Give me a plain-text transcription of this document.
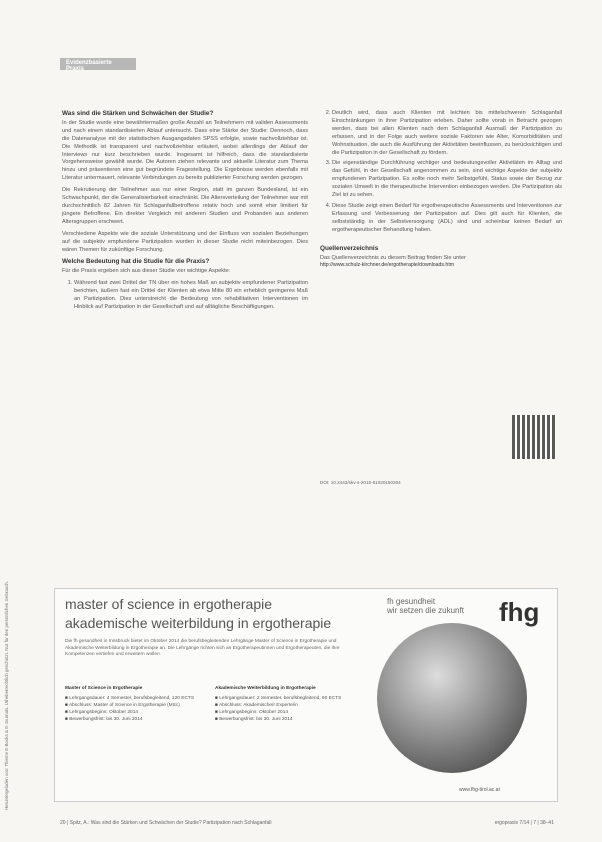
Heruntergeladen von: Thieme E-Books & E-Journals. Urheberrechtlich geschützt. Nur für den persönlichen Gebrauch.
Evidenzbasierte Praxis
Was sind die Stärken und Schwächen der Studie?

In der Studie wurde eine bewährtermaßen große Anzahl an Teilnehmern mit validen Assessments und nach einem standardisierten Ablauf untersucht. Dass eine Stärke der Studie: Dennoch, dass die Datenanalyse mit der statistischen Ausgangsdaten SPSS erfolgte, sowie nachvollziehbar ist. Die Methodik ist transparent und nachvollziehbar erläutert, wobei allerdings der Ablauf der Interviews nur kurz beschrieben wurde. Insgesamt ist hilfreich, dass die standardisierte Vorgehensweise gewählt wurde. Die Autoren ziehen relevante und aktuelle Literatur zum Thema hinzu und präsentieren eine gut begründete Fragestellung. Die Ergebnisse werden ebenfalls mit Literatur untermauert, relevante Verbindungen zu bereits publizierter Forschung werden gezogen.

Die Rekrutierung der Teilnehmer aus nur einer Region, statt im ganzen Bundesland, ist ein Schwachpunkt, der die Generalisierbarkeit einschränkt. Die Altersverteilung der Teilnehmer war mit durchschnittlich 82 Jahren für Schlaganfallbetroffene relativ hoch und somit eher limitiert für jüngere Betroffene. Ein direkter Vergleich mit anderen Studien und Probanden aus anderen Altersgruppen erschwert.

Verschiedene Aspekte wie die soziale Unterstützung und der Einfluss von sozialen Beziehungen auf die subjektiv empfundene Partizipation wurden in dieser Studie nicht miteinbezogen. Dies wären Themen für zukünftige Forschung.

Welche Bedeutung hat die Studie für die Praxis?

Für die Praxis ergeben sich aus dieser Studie vier wichtige Aspekte:

1. Während fast zwei Drittel der TN über ein hohes Maß an subjektiv empfundener Partizipation berichten, äußern fast ein Drittel der Klienten ab etwa Mitte 80 ein erheblich geringeres Maß an Partizipation. Dies unterstreicht die Bedeutung von rehabilitativen Interventionen im Hinblick auf Partizipation in der Gesellschaft und auf alltägliche Beschäftigungen.
2. Deutlich wird, dass auch Klienten mit leichten bis mittelschweren Schlaganfall Einschränkungen in ihrer Partizipation erleben. Daher sollte vorab in Betracht gezogen werden, dass bei allen Klienten nach dem Schlaganfall Ausmaß der Partizipation zu erfassen, und in der Folge auch weitere soziale Faktoren wie Alter, Komorbiditäten und Wohnsituation, die auch die Ausführung der Aktivitäten beeinflussen, zu berücksichtigen und die Partizipation in der Gesellschaft zu fördern.
3. Die eigenständige Durchführung wichtiger und bedeutungsvoller Aktivitäten im Alltag und das Gefühl, in der Gesellschaft angenommen zu sein, sind wichtige Aspekte der subjektiv empfundenen Partizipation. Es sollte noch mehr Selbstgefühl, Status sowie der Bezug zur sozialen Umwelt in die therapeutische Intervention einbezogen werden. Die Partizipation als Ziel ist zu sehen.
4. Diese Studie zeigt einen Bedarf für ergotherapeutische Assessments und Interventionen zur Erfassung und Verbesserung der Partizipation auf. Dies gilt auch für Klienten, die selbstständig in der Selbstversorgung (ADL) sind und scheinbar keinen Bedarf an ergotherapeutischer Behandlung haben.
Quellenverzeichnis
Das Quellenverzeichnis zu diesem Beitrag finden Sie unter
http://www.schulz-kirchner.de/ergotherapie/downloads.htm
DOI: 10.2443/skv-s-2015-51020150304
master of science in ergotherapie
akademische weiterbildung in ergotherapie
fh gesundheit
wir setzen die zukunft fhg
Die fh gesundheit in Innsbruck bietet im Oktober 2014 die berufsbegleitenden Lehrgänge Master of Science in Ergotherapie und Akademische Weiterbildung in Ergotherapie an. Die Lehrgänge richten sich an Ergotherapeutinnen und Ergotherapeuten, die ihre Kompetenzen vertiefen und erweitern wollen.
Master of Science in Ergotherapie
■ Lehrgangsdauer: 4 Semester, berufsbegleitend, 120 ECTS
■ Abschluss: Master of Science in Ergotherapie (MSc)
■ Lehrgangsbeginn: Oktober 2014
■ Bewerbungsfrist: bis 30. Juni 2014
Akademische Weiterbildung in Ergotherapie
■ Lehrgangsdauer: 2 Semester, berufsbegleitend, 60 ECTS
■ Abschluss: Akademische/r Experte/in
■ Lehrgangsbeginn: Oktober 2014
■ Bewerbungsfrist: bis 30. Juni 2014
www.fhg-tirol.ac.at
20 | Spitz, A.: Was sind die Stärken und Schwächen der Studie? Partizipation nach Schlaganfall	ergopraxis 7/14 | 7 | 38–41
